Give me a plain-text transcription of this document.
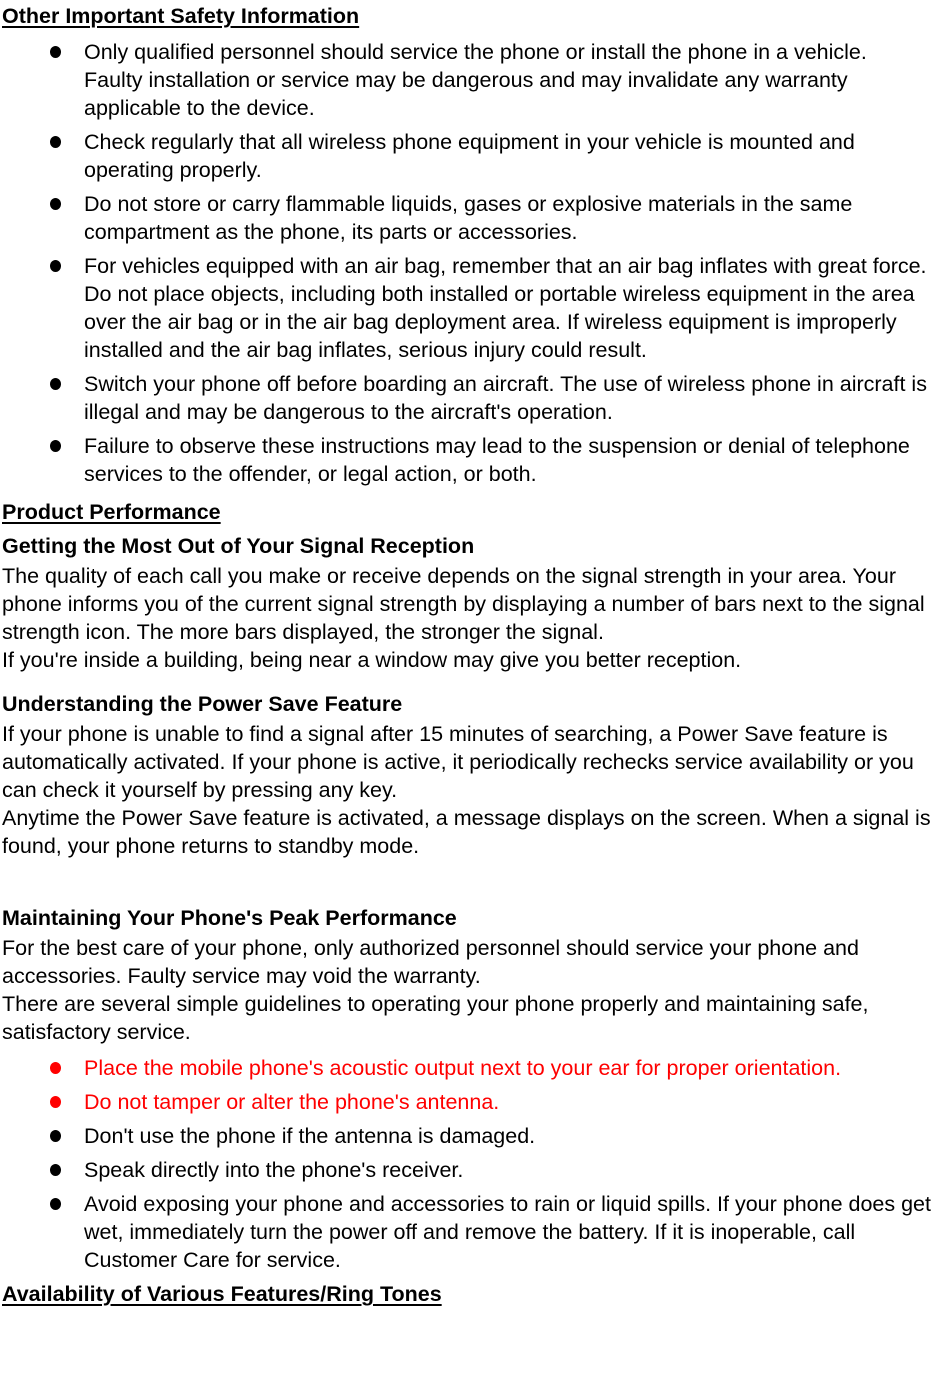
Other Important Safety Information
Only qualified personnel should service the phone or install the phone in a vehicle. Faulty installation or service may be dangerous and may invalidate any warranty applicable to the device.
Check regularly that all wireless phone equipment in your vehicle is mounted and operating properly.
Do not store or carry flammable liquids, gases or explosive materials in the same compartment as the phone, its parts or accessories.
For vehicles equipped with an air bag, remember that an air bag inflates with great force. Do not place objects, including both installed or portable wireless equipment in the area over the air bag or in the air bag deployment area. If wireless equipment is improperly installed and the air bag inflates, serious injury could result.
Switch your phone off before boarding an aircraft. The use of wireless phone in aircraft is illegal and may be dangerous to the aircraft's operation.
Failure to observe these instructions may lead to the suspension or denial of telephone services to the offender, or legal action, or both.
Product Performance
Getting the Most Out of Your Signal Reception

The quality of each call you make or receive depends on the signal strength in your area. Your phone informs you of the current signal strength by displaying a number of bars next to the signal strength icon. The more bars displayed, the stronger the signal.

If you're inside a building, being near a window may give you better reception.

Understanding the Power Save Feature

If your phone is unable to find a signal after 15 minutes of searching, a Power Save feature is automatically activated. If your phone is active, it periodically rechecks service availability or you can check it yourself by pressing any key.

Anytime the Power Save feature is activated, a message displays on the screen. When a signal is found, your phone returns to standby mode.

Maintaining Your Phone's Peak Performance

For the best care of your phone, only authorized personnel should service your phone and accessories. Faulty service may void the warranty.

There are several simple guidelines to operating your phone properly and maintaining safe, satisfactory service.

Place the mobile phone's acoustic output next to your ear for proper orientation.
Do not tamper or alter the phone's antenna.
Don't use the phone if the antenna is damaged.
Speak directly into the phone's receiver.
Avoid exposing your phone and accessories to rain or liquid spills. If your phone does get wet, immediately turn the power off and remove the battery. If it is inoperable, call Customer Care for service.
Availability of Various Features/Ring Tones
